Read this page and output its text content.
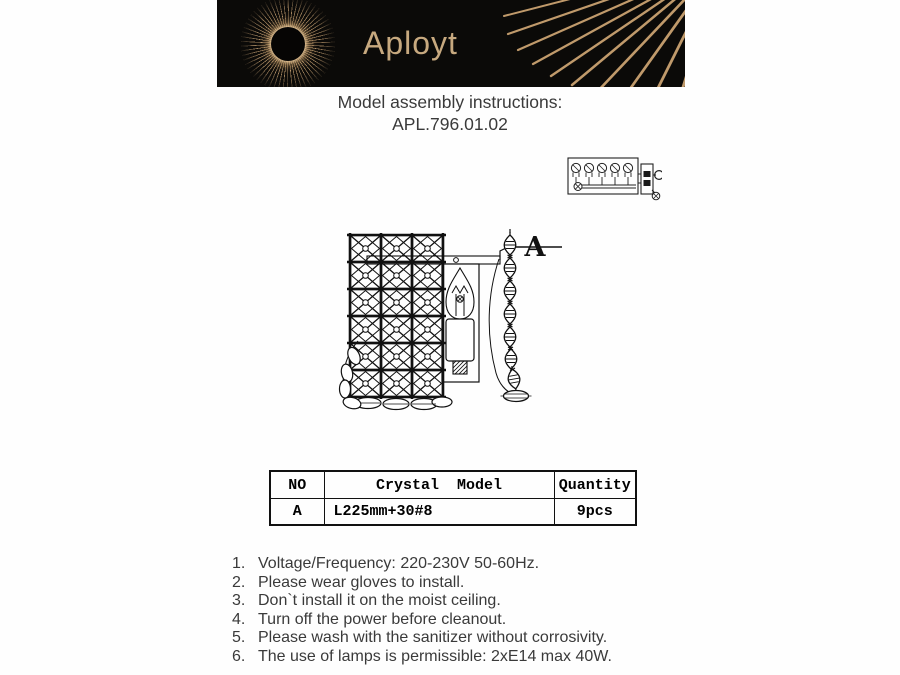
Aployt
Model assembly instructions:
APL.796.01.02
A
NO	Crystal  Model	Quantity
A	L225mm+30#8	9pcs
1. Voltage/Frequency: 220-230V 50-60Hz.
2. Please wear gloves to install.
3. Don`t install it on the moist ceiling.
4. Turn off the power before cleanout.
5. Please wash with the sanitizer without corrosivity.
6. The use of lamps is permissible: 2xE14 max 40W.
